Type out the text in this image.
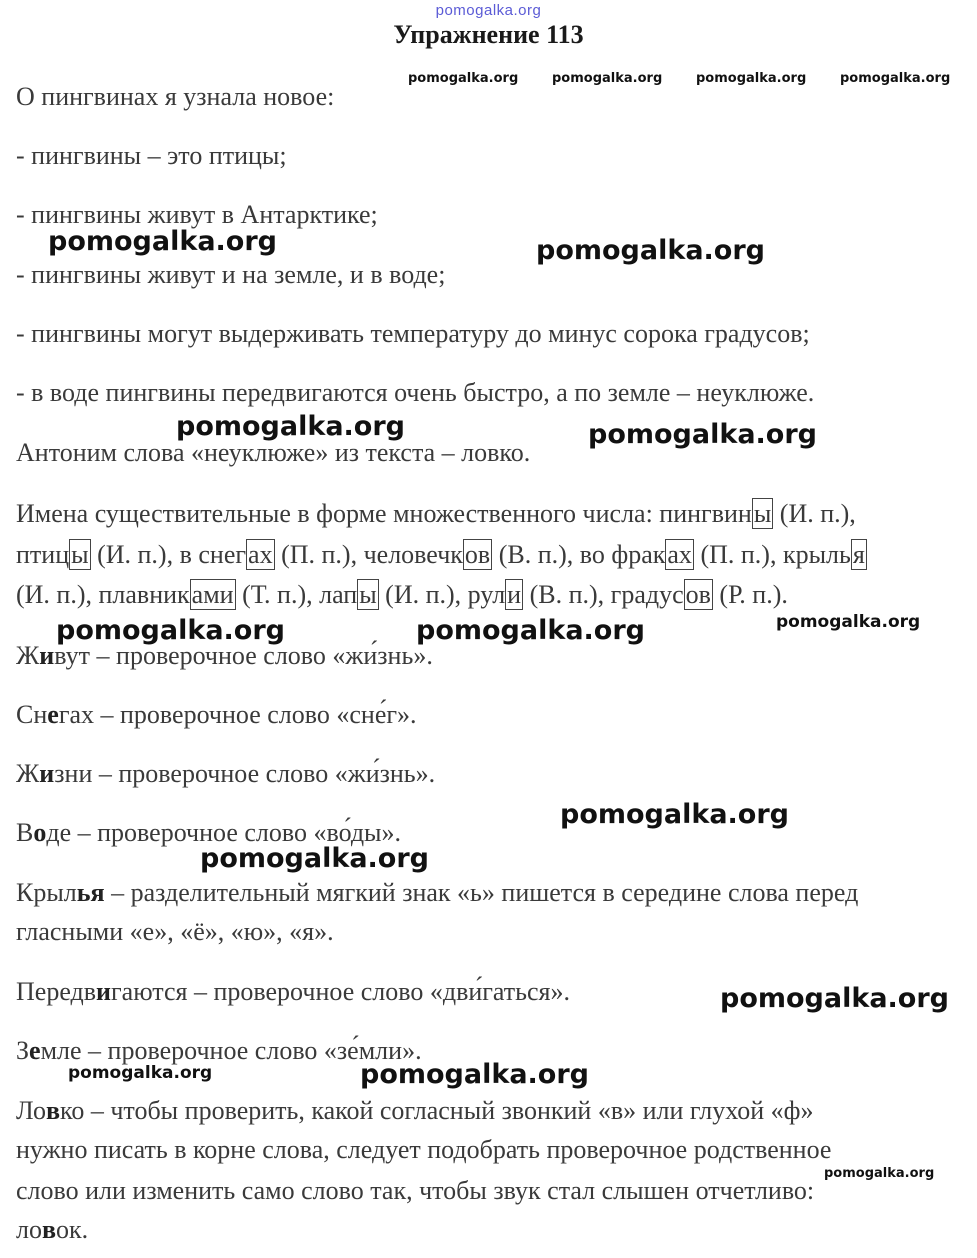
pomogalka.org
Упражнение 113
О пингвинах я узнала новое:
- пингвины – это птицы;
- пингвины живут в Антарктике;
- пингвины живут и на земле, и в воде;
- пингвины могут выдерживать температуру до минус сорока градусов;
- в воде пингвины передвигаются очень быстро, а по земле – неуклюже.
Антоним слова «неуклюже» из текста – ловко.
Имена существительные в форме множественного числа: пингвины (И. п.),
птицы (И. п.), в снегах (П. п.), человечков (В. п.), во фраках (П. п.), крылья
(И. п.), плавниками (Т. п.), лапы (И. п.), рули (В. п.), градусов (Р. п.).
Живут – проверочное слово «жи́знь».
Снегах – проверочное слово «сне́г».
Жизни – проверочное слово «жи́знь».
Воде – проверочное слово «во́ды».
Крылья – разделительный мягкий знак «ь» пишется в середине слова перед
гласными «е», «ё», «ю», «я».
Передвигаются – проверочное слово «дви́гаться».
Земле – проверочное слово «зе́мли».
Ловко – чтобы проверить, какой согласный звонкий «в» или глухой «ф»
нужно писать в корне слова, следует подобрать проверочное родственное
слово или изменить само слово так, чтобы звук стал слышен отчетливо:
ловок.
pomogalka.org	pomogalka.org	pomogalka.org	pomogalka.org
pomogalka.org	pomogalka.org
pomogalka.org	pomogalka.org
pomogalka.org	pomogalka.org	pomogalka.org
pomogalka.org
pomogalka.org
pomogalka.org
pomogalka.org	pomogalka.org
pomogalka.org
